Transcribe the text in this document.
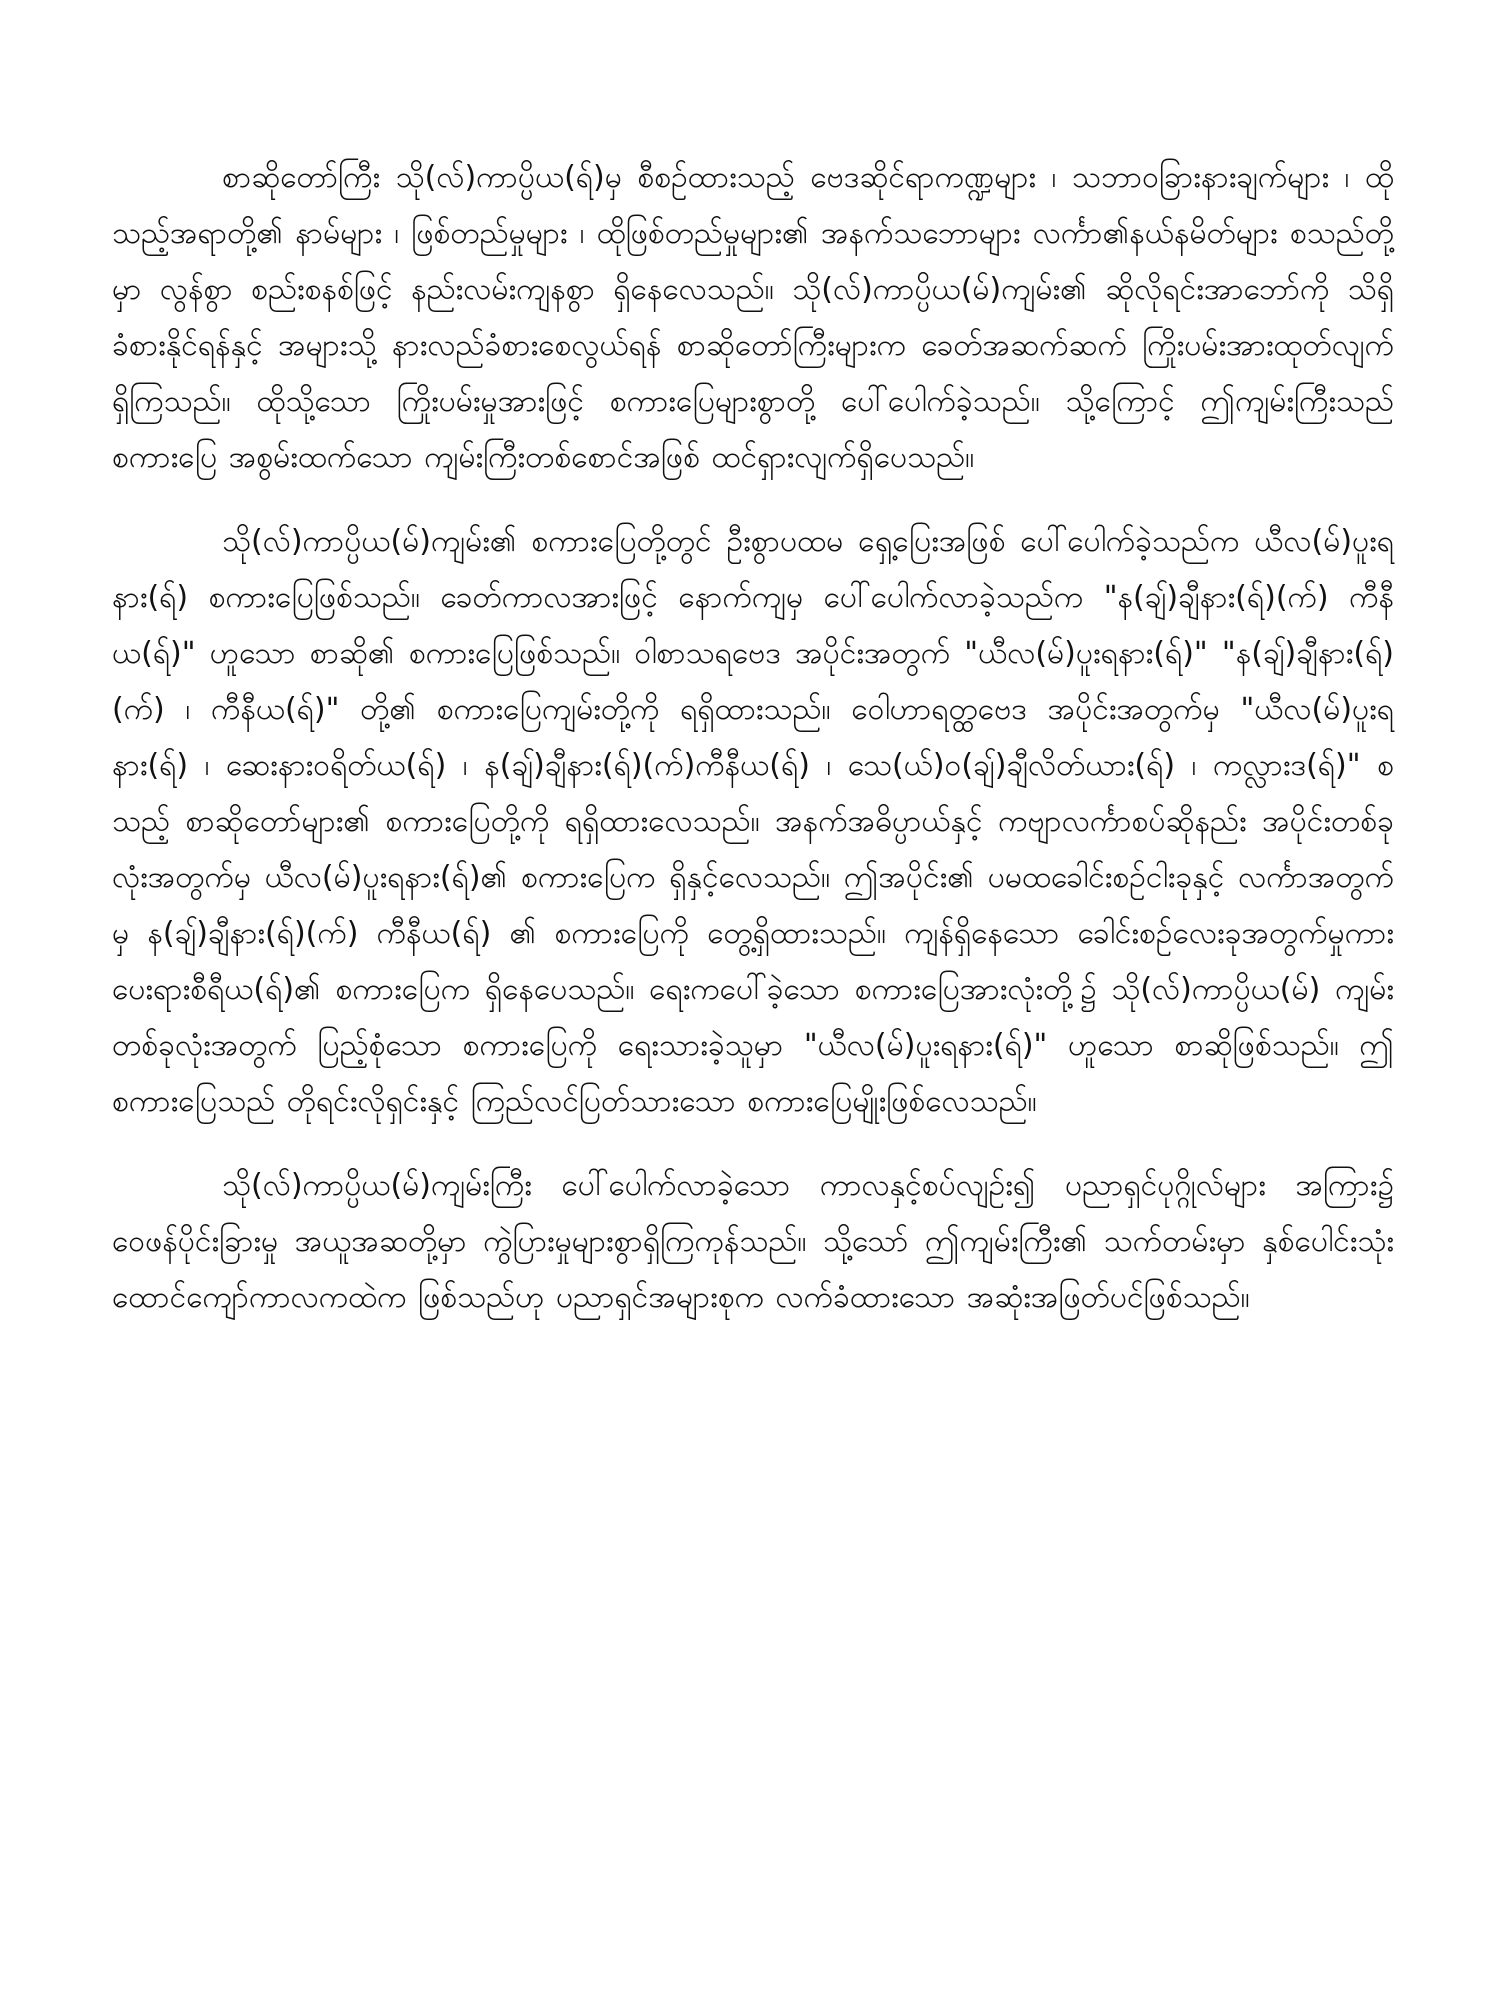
စာဆိုတော်ကြီး သို(လ်)ကာပ္ပိယ(ရ်)မှ စီစဉ်ထားသည့် ဗေဒဆိုင်ရာကဏ္ဍများ ၊ သဘာဝခြားနားချက်များ ၊ ထိုသည့်အရာတို့၏ နာမ်များ ၊ ဖြစ်တည်မှုများ ၊ ထိုဖြစ်တည်မှုများ၏ အနက်သဘောများ လင်္ကာ၏နယ်နမိတ်များ စသည်တို့မှာ လွန်စွာ စည်းစနစ်ဖြင့် နည်းလမ်းကျနစွာ ရှိနေလေသည်။ သို(လ်)ကာပ္ပိယ(မ်)ကျမ်း၏ ဆိုလိုရင်းအာဘော်ကို သိရှိခံစားနိုင်ရန်နှင့် အများသို့ နားလည်ခံစားစေလွယ်ရန် စာဆိုတော်ကြီးများက ခေတ်အဆက်ဆက် ကြိုးပမ်းအားထုတ်လျက် ရှိကြသည်။ ထိုသို့သော ကြိုးပမ်းမှုအားဖြင့် စကားပြေများစွာတို့ ပေါ်ပေါက်ခဲ့သည်။ သို့ကြောင့် ဤကျမ်းကြီးသည် စကားပြေ အစွမ်းထက်သော ကျမ်းကြီးတစ်စောင်အဖြစ် ထင်ရှားလျက်ရှိပေသည်။

သို(လ်)ကာပ္ပိယ(မ်)ကျမ်း၏ စကားပြေတို့တွင် ဦးစွာပထမ ရှေ့ပြေးအဖြစ် ပေါ်ပေါက်ခဲ့သည်က ယီလ(မ်)ပူးရနား(ရ်) စကားပြေဖြစ်သည်။ ခေတ်ကာလအားဖြင့် နောက်ကျမှ ပေါ်ပေါက်လာခဲ့သည်က "န(ချ်)ချီနား(ရ်)(က်) ကီနီယ(ရ်)" ဟူသော စာဆို၏ စကားပြေဖြစ်သည်။ ဝါစာသရဗေဒ အပိုင်းအတွက် "ယီလ(မ်)ပူးရနား(ရ်)" "န(ချ်)ချီနား(ရ်)(က်) ၊ ကီနီယ(ရ်)" တို့၏ စကားပြေကျမ်းတို့ကို ရရှိထားသည်။ ဝေါဟာရတ္ထဗေဒ အပိုင်းအတွက်မှ "ယီလ(မ်)ပူးရနား(ရ်) ၊ ဆေးနားဝရိတ်ယ(ရ်) ၊ န(ချ်)ချီနား(ရ်)(က်)ကီနီယ(ရ်) ၊ သေ(ယ်)ဝ(ချ်)ချီလိတ်ယား(ရ်) ၊ ကလ္လားဒ(ရ်)" စသည့် စာဆိုတော်များ၏ စကားပြေတို့ကို ရရှိထားလေသည်။ အနက်အဓိပ္ပာယ်နှင့် ကဗျာလင်္ကာစပ်ဆိုနည်း အပိုင်းတစ်ခုလုံးအတွက်မှ ယီလ(မ်)ပူးရနား(ရ်)၏ စကားပြေက ရှိနှင့်လေသည်။ ဤအပိုင်း၏ ပမထခေါင်းစဉ်ငါးခုနှင့် လင်္ကာအတွက်မှ န(ချ်)ချီနား(ရ်)(က်) ကီနီယ(ရ်) ၏ စကားပြေကို တွေ့ရှိထားသည်။ ကျန်ရှိနေသော ခေါင်းစဉ်လေးခုအတွက်မှုကား ပေးရားစီရီယ(ရ်)၏ စကားပြေက ရှိနေပေသည်။ ရေးကပေါ်ခဲ့သော စကားပြေအားလုံးတို့၌ သို(လ်)ကာပ္ပိယ(မ်) ကျမ်းတစ်ခုလုံးအတွက် ပြည့်စုံသော စကားပြေကို ရေးသားခဲ့သူမှာ "ယီလ(မ်)ပူးရနား(ရ်)" ဟူသော စာဆိုဖြစ်သည်။ ဤစကားပြေသည် တိုရင်းလိုရှင်းနှင့် ကြည်လင်ပြတ်သားသော စကားပြေမျိုးဖြစ်လေသည်။

သို(လ်)ကာပ္ပိယ(မ်)ကျမ်းကြီး ပေါ်ပေါက်လာခဲ့သော ကာလနှင့်စပ်လျဉ်း၍ ပညာရှင်ပုဂ္ဂိုလ်များ အကြား၌ ဝေဖန်ပိုင်းခြားမှု အယူအဆတို့မှာ ကွဲပြားမှုများစွာရှိကြကုန်သည်။ သို့သော် ဤကျမ်းကြီး၏ သက်တမ်းမှာ နှစ်ပေါင်းသုံးထောင်ကျော်ကာလကထဲက ဖြစ်သည်ဟု ပညာရှင်အများစုက လက်ခံထားသော အဆုံးအဖြတ်ပင်ဖြစ်သည်။
